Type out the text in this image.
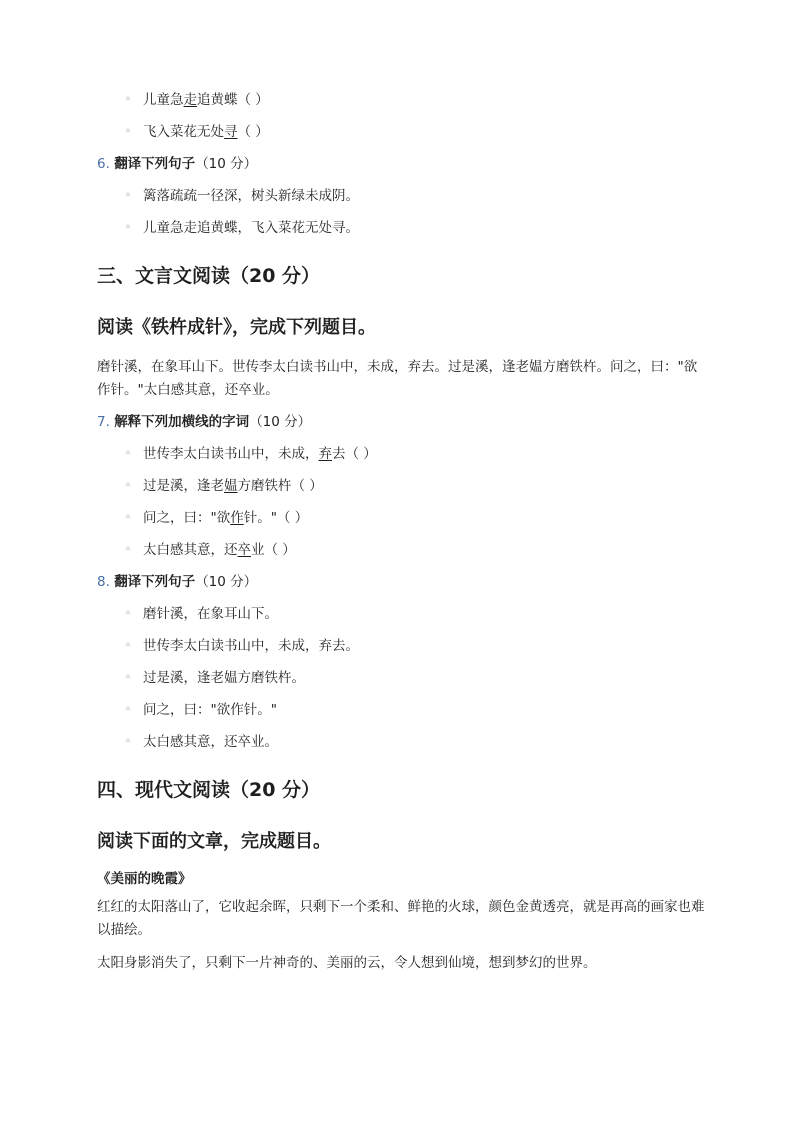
◦ 儿童急走追黄蝶（ ）
◦ 飞入菜花无处寻（ ）
6. 翻译下列句子（10 分）
◦ 篱落疏疏一径深，树头新绿未成阴。
◦ 儿童急走追黄蝶，飞入菜花无处寻。
三、文言文阅读（20 分）
阅读《铁杵成针》，完成下列题目。

磨针溪，在象耳山下。世传李太白读书山中，未成，弃去。过是溪，逢老媪方磨铁杵。问之，曰："欲作针。"太白感其意，还卒业。

7. 解释下列加横线的字词（10 分）
◦ 世传李太白读书山中，未成，弃去（ ）
◦ 过是溪，逢老媪方磨铁杵（ ）
◦ 问之，曰："欲作针。"（ ）
◦ 太白感其意，还卒业（ ）
8. 翻译下列句子（10 分）
◦ 磨针溪，在象耳山下。
◦ 世传李太白读书山中，未成，弃去。
◦ 过是溪，逢老媪方磨铁杵。
◦ 问之，曰："欲作针。"
◦ 太白感其意，还卒业。
四、现代文阅读（20 分）
阅读下面的文章，完成题目。

《美丽的晚霞》

红红的太阳落山了，它收起余晖，只剩下一个柔和、鲜艳的火球，颜色金黄透亮，就是再高的画家也难以描绘。

太阳身影消失了，只剩下一片神奇的、美丽的云，令人想到仙境，想到梦幻的世界。
